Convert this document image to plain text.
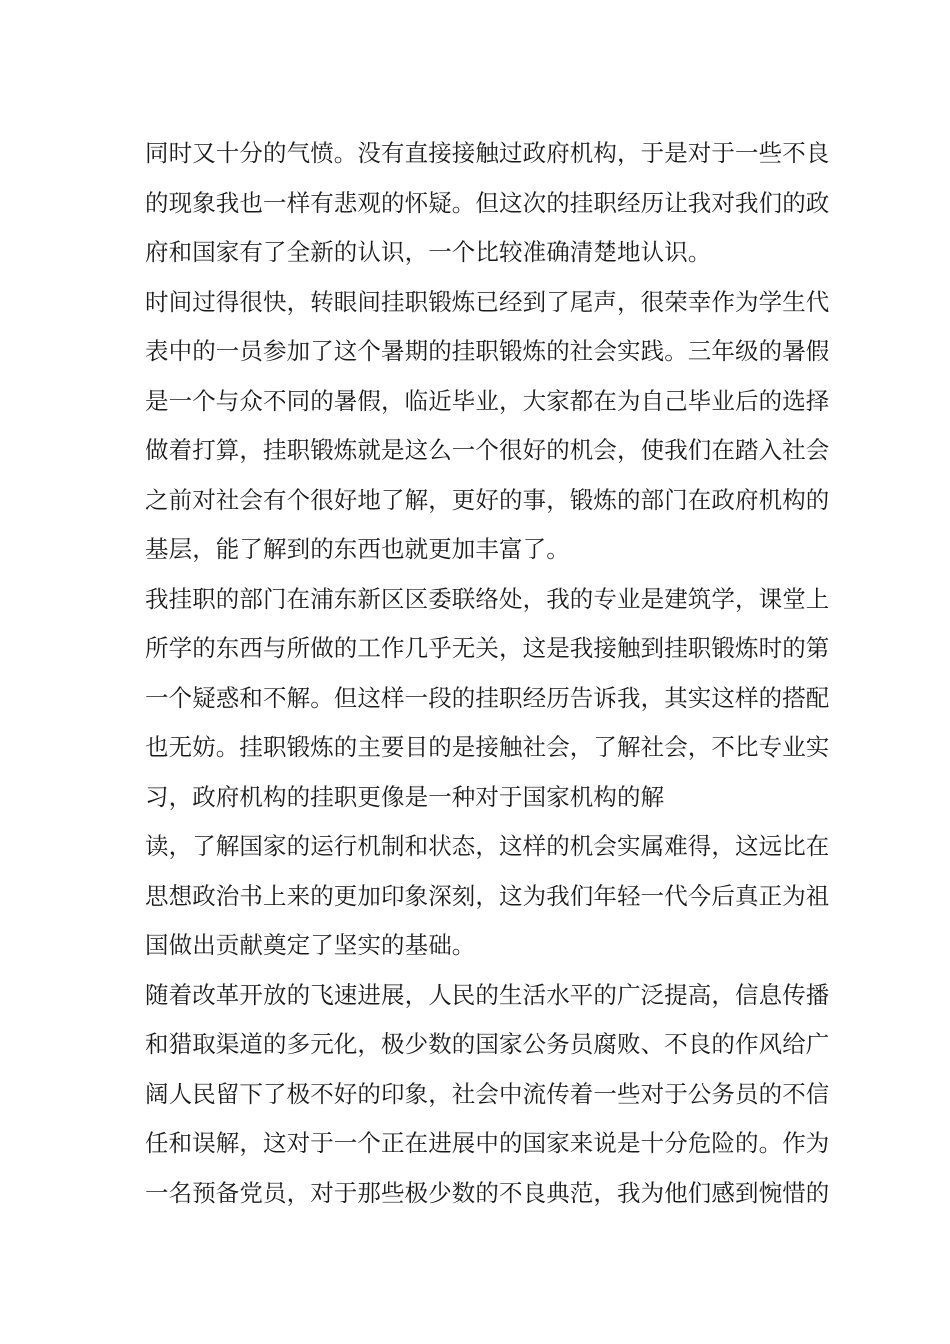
同时又十分的气愤。没有直接接触过政府机构，于是对于一些不良
的现象我也一样有悲观的怀疑。但这次的挂职经历让我对我们的政
府和国家有了全新的认识，一个比较准确清楚地认识。
时间过得很快，转眼间挂职锻炼已经到了尾声，很荣幸作为学生代
表中的一员参加了这个暑期的挂职锻炼的社会实践。三年级的暑假
是一个与众不同的暑假，临近毕业，大家都在为自己毕业后的选择
做着打算，挂职锻炼就是这么一个很好的机会，使我们在踏入社会
之前对社会有个很好地了解，更好的事，锻炼的部门在政府机构的
基层，能了解到的东西也就更加丰富了。
我挂职的部门在浦东新区区委联络处，我的专业是建筑学，课堂上
所学的东西与所做的工作几乎无关，这是我接触到挂职锻炼时的第
一个疑惑和不解。但这样一段的挂职经历告诉我，其实这样的搭配
也无妨。挂职锻炼的主要目的是接触社会，了解社会，不比专业实
习，政府机构的挂职更像是一种对于国家机构的解
读，了解国家的运行机制和状态，这样的机会实属难得，这远比在
思想政治书上来的更加印象深刻，这为我们年轻一代今后真正为祖
国做出贡献奠定了坚实的基础。
随着改革开放的飞速进展，人民的生活水平的广泛提高，信息传播
和猎取渠道的多元化，极少数的国家公务员腐败、不良的作风给广
阔人民留下了极不好的印象，社会中流传着一些对于公务员的不信
任和误解，这对于一个正在进展中的国家来说是十分危险的。作为
一名预备党员，对于那些极少数的不良典范，我为他们感到惋惜的
